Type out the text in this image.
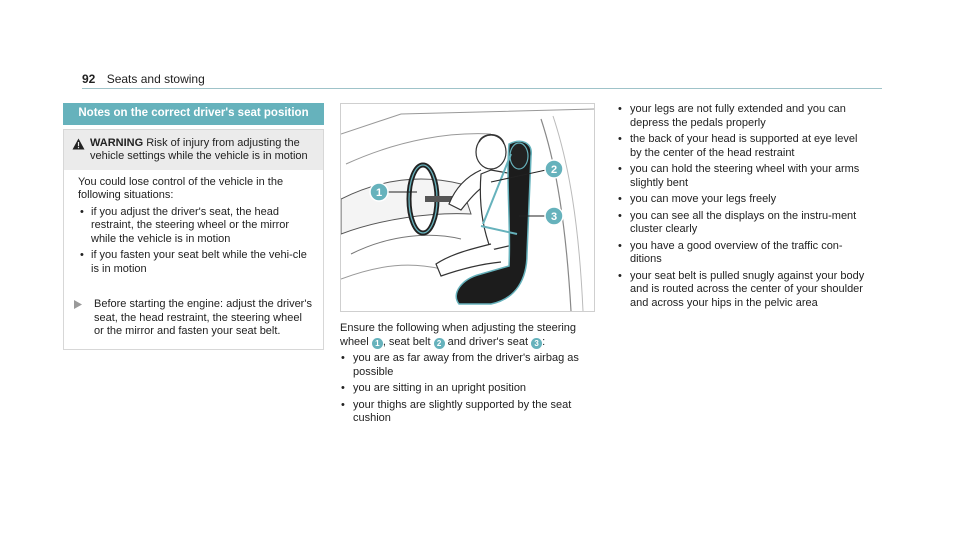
92 Seats and stowing
Notes on the correct driver's seat position
WARNING Risk of injury from adjusting the vehicle settings while the vehicle is in motion
You could lose control of the vehicle in the following situations:
• if you adjust the driver's seat, the head restraint, the steering wheel or the mirror while the vehicle is in motion
• if you fasten your seat belt while the vehi-cle is in motion
Before starting the engine: adjust the driver's seat, the head restraint, the steering wheel or the mirror and fasten your seat belt.
1
2
3

Ensure the following when adjusting the steering wheel 1 , seat belt 2 and driver's seat 3 :

• you are as far away from the driver's airbag as possible
• you are sitting in an upright position
• your thighs are slightly supported by the seat cushion
• your legs are not fully extended and you can depress the pedals properly
• the back of your head is supported at eye level by the center of the head restraint
• you can hold the steering wheel with your arms slightly bent
• you can move your legs freely
• you can see all the displays on the instru-ment cluster clearly
• you have a good overview of the traffic con-ditions
• your seat belt is pulled snugly against your body and is routed across the center of your shoulder and across your hips in the pelvic area
